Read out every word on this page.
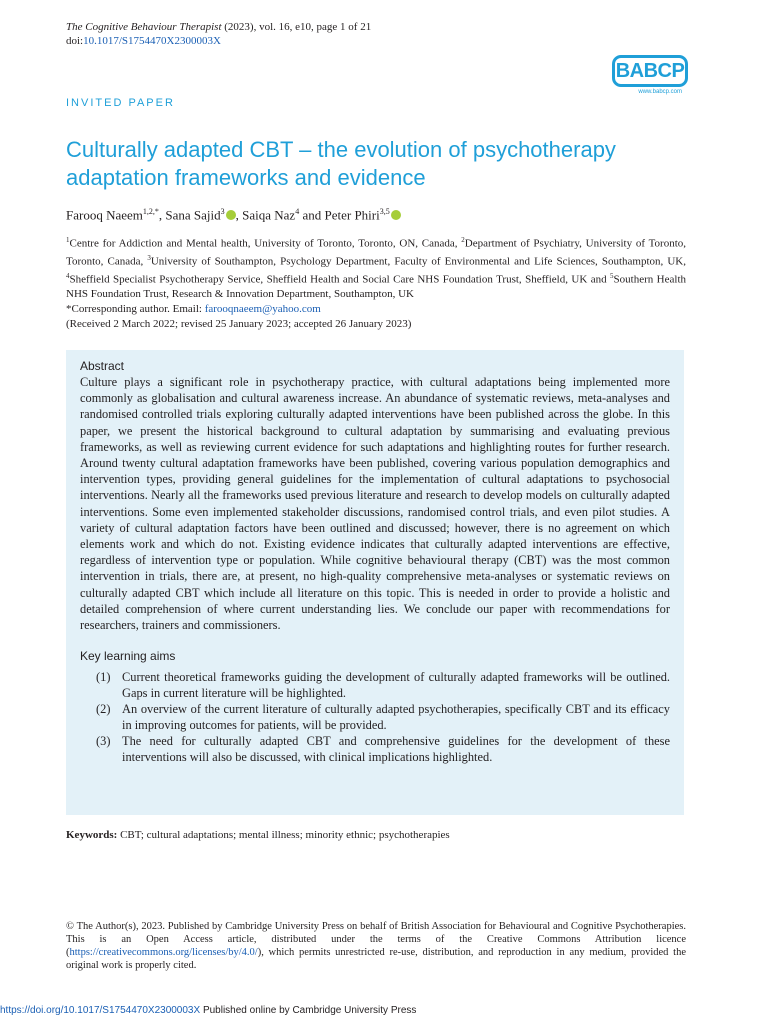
The Cognitive Behaviour Therapist (2023), vol. 16, e10, page 1 of 21
doi:10.1017/S1754470X2300003X
BABCP
www.babcp.com
INVITED PAPER
Culturally adapted CBT – the evolution of psychotherapy adaptation frameworks and evidence
Farooq Naeem$^{1,2,*}$, Sana Sajid$^3$ , Saiqa Naz$^4$ and Peter Phiri$^{3,5}$
$^1$Centre for Addiction and Mental health, University of Toronto, Toronto, ON, Canada, $^2$Department of Psychiatry, University of Toronto, Toronto, Canada, $^3$University of Southampton, Psychology Department, Faculty of Environmental and Life Sciences, Southampton, UK, $^4$Sheffield Specialist Psychotherapy Service, Sheffield Health and Social Care NHS Foundation Trust, Sheffield, UK and $^5$Southern Health NHS Foundation Trust, Research & Innovation Department, Southampton, UK
*Corresponding author. Email: farooqnaeem@yahoo.com
(Received 2 March 2022; revised 25 January 2023; accepted 26 January 2023)
Abstract

Culture plays a significant role in psychotherapy practice, with cultural adaptations being implemented more commonly as globalisation and cultural awareness increase. An abundance of systematic reviews, meta-analyses and randomised controlled trials exploring culturally adapted interventions have been published across the globe. In this paper, we present the historical background to cultural adaptation by summarising and evaluating previous frameworks, as well as reviewing current evidence for such adaptations and highlighting routes for further research. Around twenty cultural adaptation frameworks have been published, covering various population demographics and intervention types, providing general guidelines for the implementation of cultural adaptations to psychosocial interventions. Nearly all the frameworks used previous literature and research to develop models on culturally adapted interventions. Some even implemented stakeholder discussions, randomised control trials, and even pilot studies. A variety of cultural adaptation factors have been outlined and discussed; however, there is no agreement on which elements work and which do not. Existing evidence indicates that culturally adapted interventions are effective, regardless of intervention type or population. While cognitive behavioural therapy (CBT) was the most common intervention in trials, there are, at present, no high-quality comprehensive meta-analyses or systematic reviews on culturally adapted CBT which include all literature on this topic. This is needed in order to provide a holistic and detailed comprehension of where current understanding lies. We conclude our paper with recommendations for researchers, trainers and commissioners.

Key learning aims
(1) Current theoretical frameworks guiding the development of culturally adapted frameworks will be outlined. Gaps in current literature will be highlighted.
(2) An overview of the current literature of culturally adapted psychotherapies, specifically CBT and its efficacy in improving outcomes for patients, will be provided.
(3) The need for culturally adapted CBT and comprehensive guidelines for the development of these interventions will also be discussed, with clinical implications highlighted.
Keywords: CBT; cultural adaptations; mental illness; minority ethnic; psychotherapies
© The Author(s), 2023. Published by Cambridge University Press on behalf of British Association for Behavioural and Cognitive Psychotherapies. This is an Open Access article, distributed under the terms of the Creative Commons Attribution licence (https://creativecommons.org/licenses/by/4.0/), which permits unrestricted re-use, distribution, and reproduction in any medium, provided the original work is properly cited.
https://doi.org/10.1017/S1754470X2300003X Published online by Cambridge University Press
